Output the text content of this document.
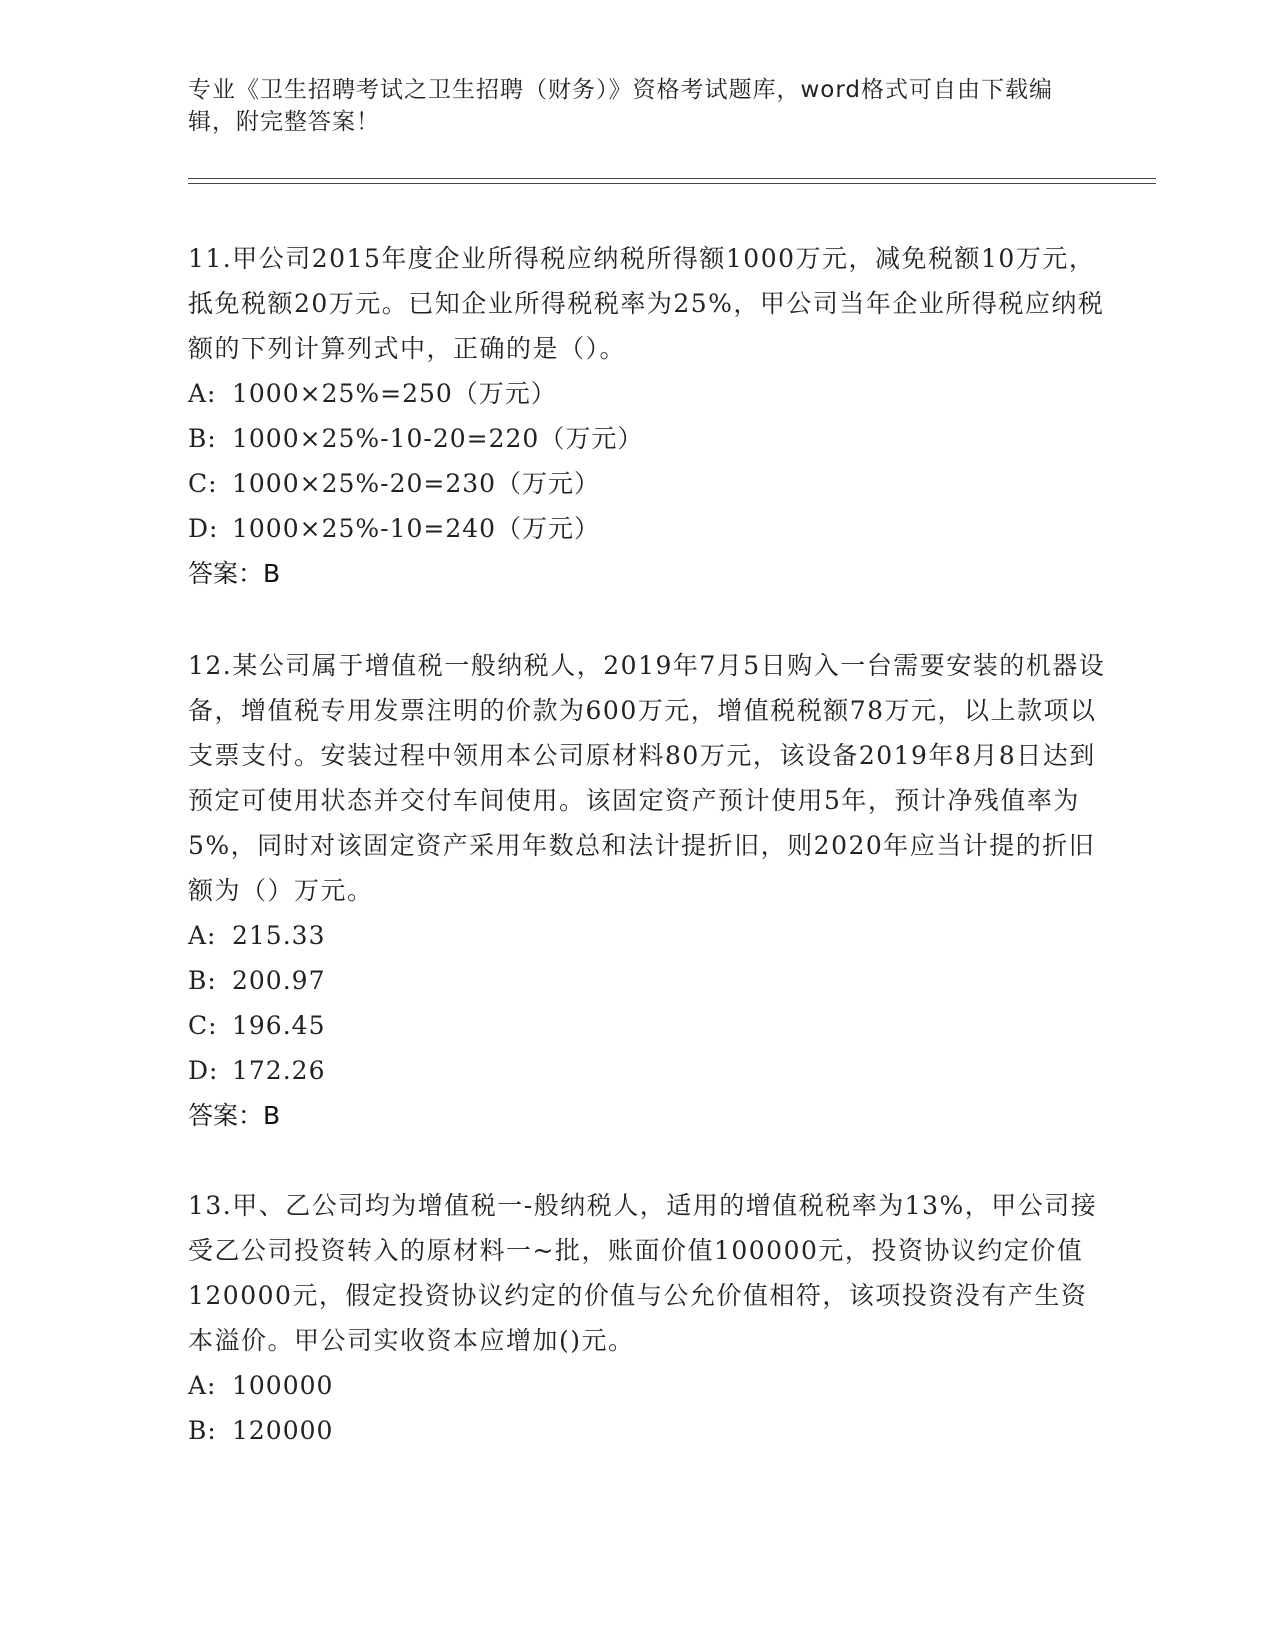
专业《卫生招聘考试之卫生招聘（财务）》资格考试题库，word格式可自由下载编辑，附完整答案！

11.甲公司2015年度企业所得税应纳税所得额1000万元，减免税额10万元，抵免税额20万元。已知企业所得税税率为25%，甲公司当年企业所得税应纳税额的下列计算列式中，正确的是（）。

A: 1000×25%=250（万元）
B: 1000×25%-10-20=220（万元）
C: 1000×25%-20=230（万元）
D: 1000×25%-10=240（万元）
答案：B

12.某公司属于增值税一般纳税人，2019年7月5日购入一台需要安装的机器设备，增值税专用发票注明的价款为600万元，增值税税额78万元，以上款项以支票支付。安装过程中领用本公司原材料80万元，该设备2019年8月8日达到预定可使用状态并交付车间使用。该固定资产预计使用5年，预计净残值率为5%，同时对该固定资产采用年数总和法计提折旧，则2020年应当计提的折旧额为（）万元。

A: 215.33
B: 200.97
C: 196.45
D: 172.26
答案：B

13.甲、乙公司均为增值税一-般纳税人，适用的增值税税率为13%，甲公司接受乙公司投资转入的原材料一~批，账面价值100000元，投资协议约定价值120000元，假定投资协议约定的价值与公允价值相符，该项投资没有产生资本溢价。甲公司实收资本应增加()元。

A: 100000
B: 120000
